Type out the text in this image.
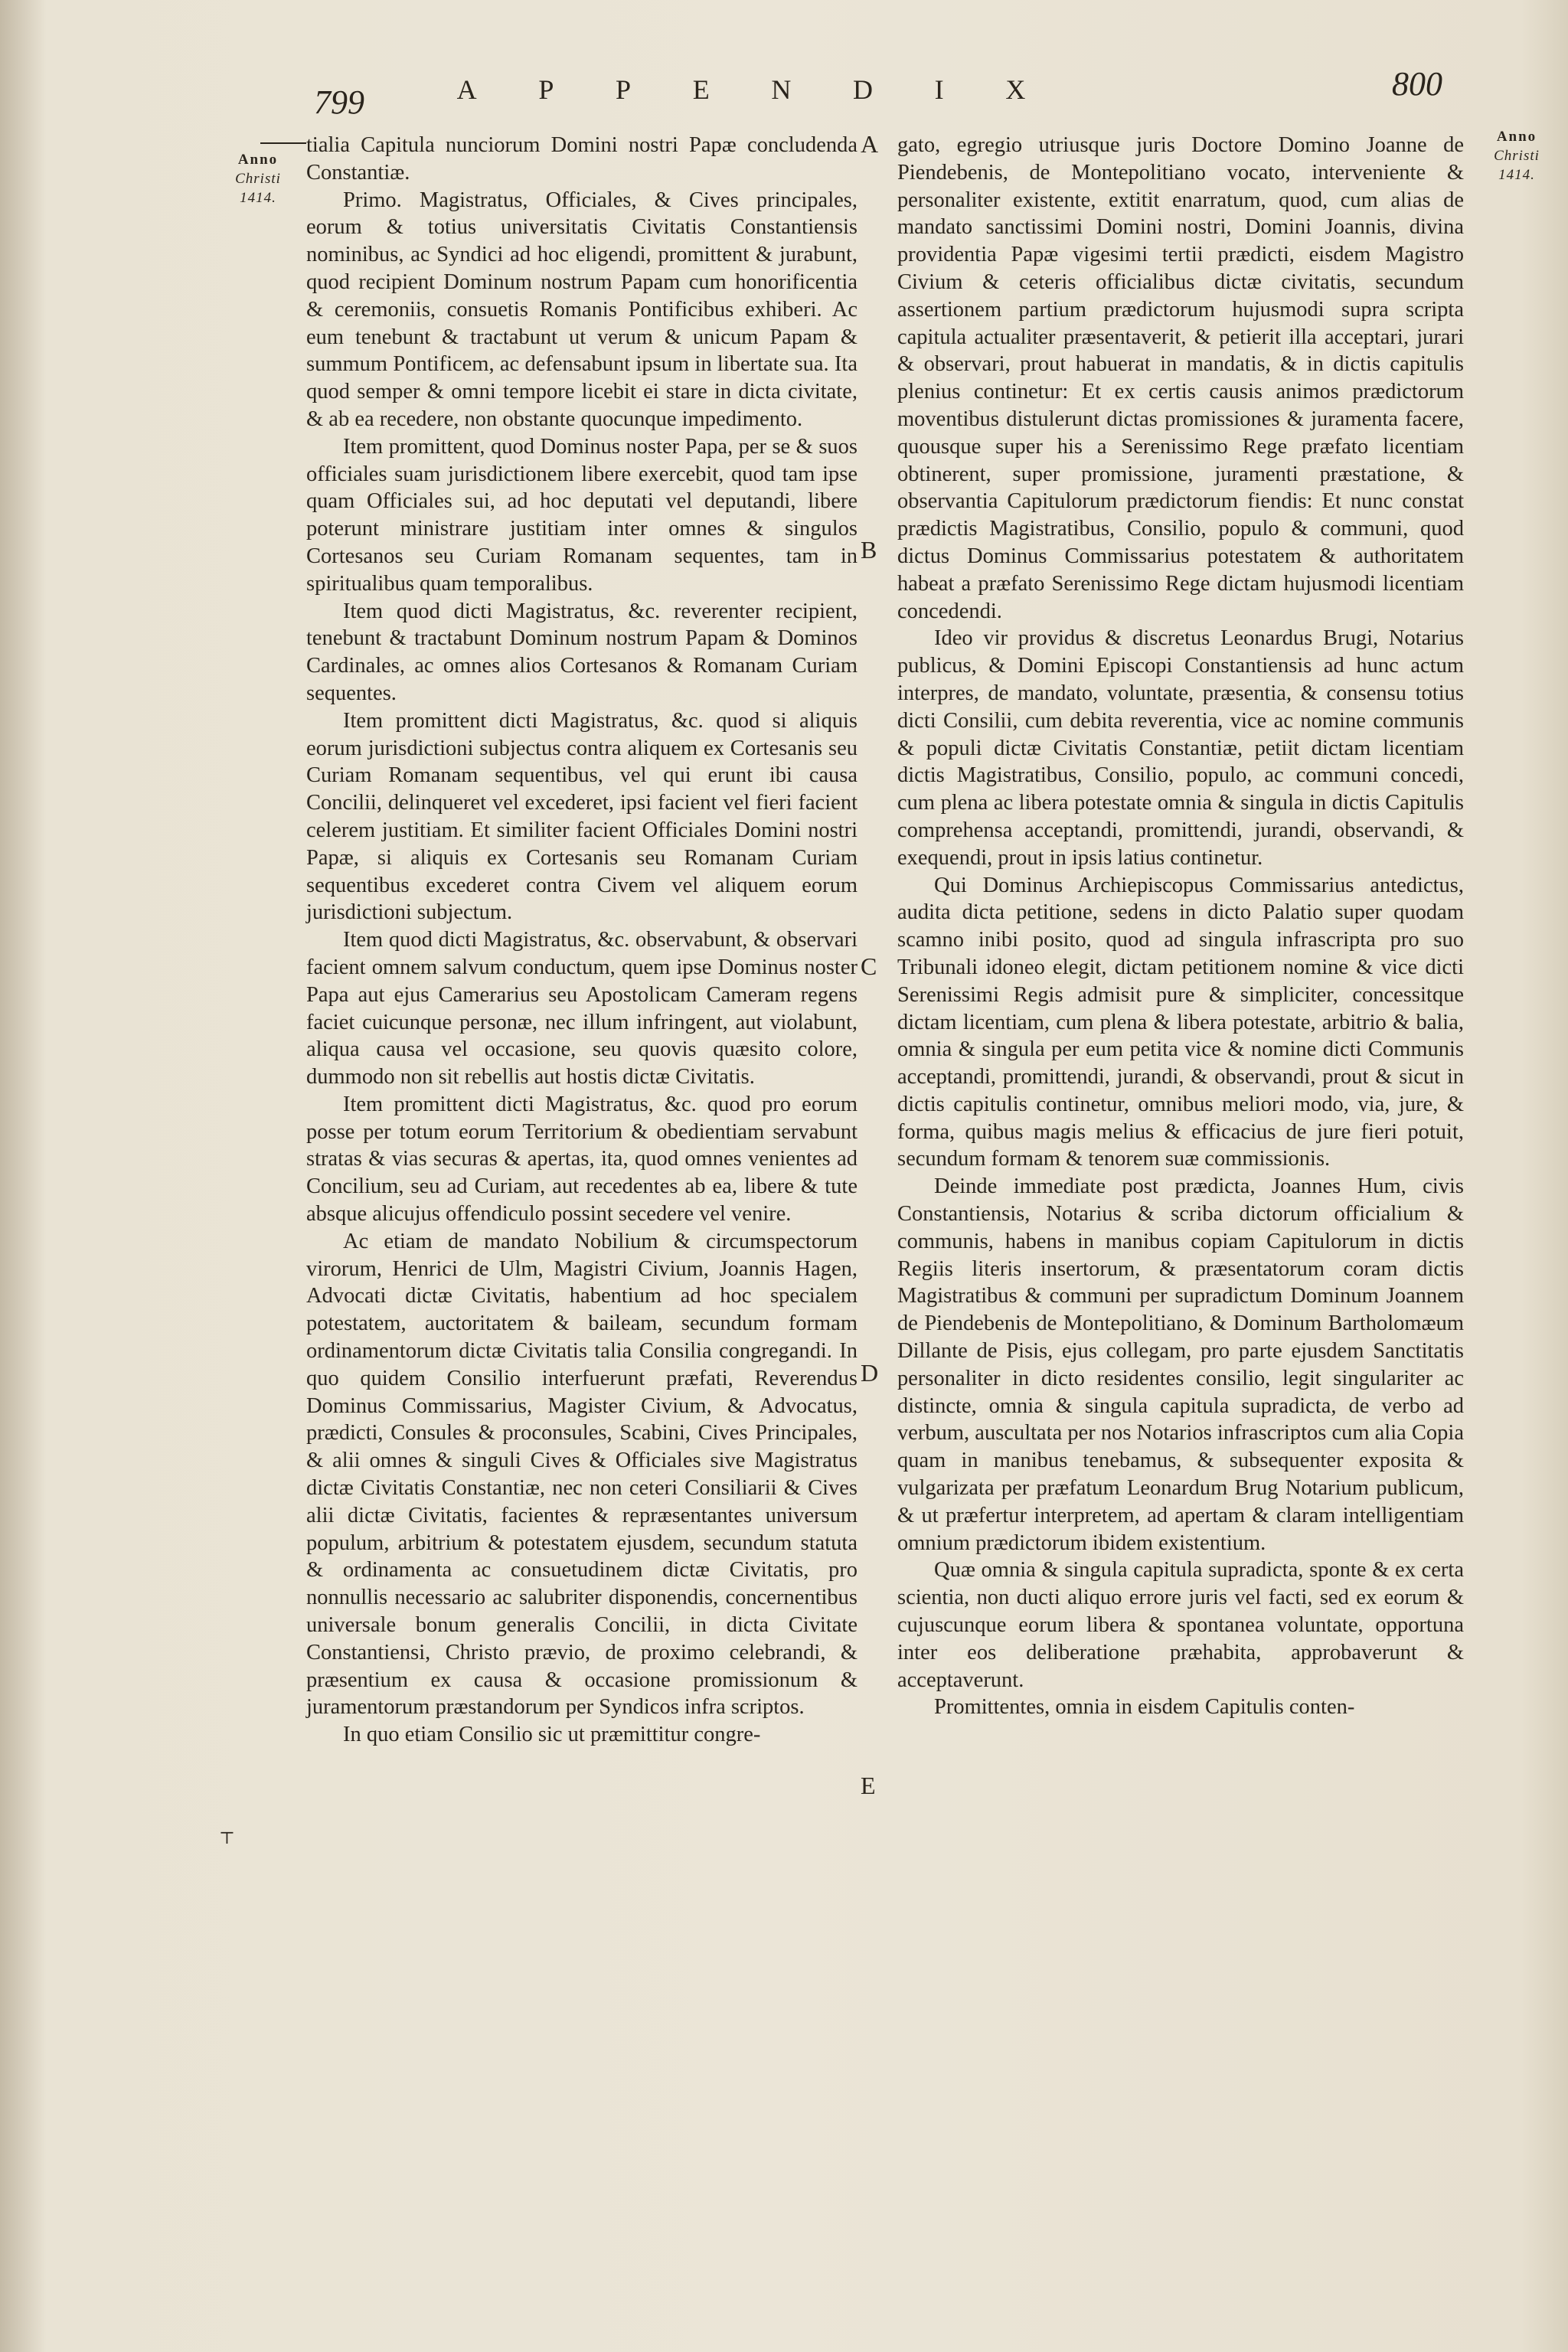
799	800
A P P E N D I X
Anno
Christi
1414.
Anno
Christi
1414.
A
B
C
D
E
⊤

tialia Capitula nunciorum Domini nostri Papæ concludenda Constantiæ.

Primo. Magistratus, Officiales, & Cives principales, eorum & totius universitatis Civitatis Constantiensis nominibus, ac Syndici ad hoc eligendi, promittent & jurabunt, quod recipient Dominum nostrum Papam cum honorificentia & ceremoniis, consuetis Romanis Pontificibus exhiberi. Ac eum tenebunt & tractabunt ut verum & unicum Papam & summum Pontificem, ac defensabunt ipsum in libertate sua. Ita quod semper & omni tempore licebit ei stare in dicta civitate, & ab ea recedere, non obstante quocunque impedimento.

Item promittent, quod Dominus noster Papa, per se & suos officiales suam jurisdictionem libere exercebit, quod tam ipse quam Officiales sui, ad hoc deputati vel deputandi, libere poterunt ministrare justitiam inter omnes & singulos Cortesanos seu Curiam Romanam sequentes, tam in spiritualibus quam temporalibus.

Item quod dicti Magistratus, &c. reverenter recipient, tenebunt & tractabunt Dominum nostrum Papam & Dominos Cardinales, ac omnes alios Cortesanos & Romanam Curiam sequentes.

Item promittent dicti Magistratus, &c. quod si aliquis eorum jurisdictioni subjectus contra aliquem ex Cortesanis seu Curiam Romanam sequentibus, vel qui erunt ibi causa Concilii, delinqueret vel excederet, ipsi facient vel fieri facient celerem justitiam. Et similiter facient Officiales Domini nostri Papæ, si aliquis ex Cortesanis seu Romanam Curiam sequentibus excederet contra Civem vel aliquem eorum jurisdictioni subjectum.

Item quod dicti Magistratus, &c. observabunt, & observari facient omnem salvum conductum, quem ipse Dominus noster Papa aut ejus Camerarius seu Apostolicam Cameram regens faciet cuicunque personæ, nec illum infringent, aut violabunt, aliqua causa vel occasione, seu quovis quæsito colore, dummodo non sit rebellis aut hostis dictæ Civitatis.

Item promittent dicti Magistratus, &c. quod pro eorum posse per totum eorum Territorium & obedientiam servabunt stratas & vias securas & apertas, ita, quod omnes venientes ad Concilium, seu ad Curiam, aut recedentes ab ea, libere & tute absque alicujus offendiculo possint secedere vel venire.

Ac etiam de mandato Nobilium & circumspectorum virorum, Henrici de Ulm, Magistri Civium, Joannis Hagen, Advocati dictæ Civitatis, habentium ad hoc specialem potestatem, auctoritatem & baileam, secundum formam ordinamentorum dictæ Civitatis talia Consilia congregandi. In quo quidem Consilio interfuerunt præfati, Reverendus Dominus Commissarius, Magister Civium, & Advocatus, prædicti, Consules & proconsules, Scabini, Cives Principales, & alii omnes & singuli Cives & Officiales sive Magistratus dictæ Civitatis Constantiæ, nec non ceteri Consiliarii & Cives alii dictæ Civitatis, facientes & repræsentantes universum populum, arbitrium & potestatem ejusdem, secundum statuta & ordinamenta ac consuetudinem dictæ Civitatis, pro nonnullis necessario ac salubriter disponendis, concernentibus universale bonum generalis Concilii, in dicta Civitate Constantiensi, Christo prævio, de proximo celebrandi, & præsentium ex causa & occasione promissionum & juramentorum præstandorum per Syndicos infra scriptos.

In quo etiam Consilio sic ut præmittitur congre-

gato, egregio utriusque juris Doctore Domino Joanne de Piendebenis, de Montepolitiano vocato, interveniente & personaliter existente, extitit enarratum, quod, cum alias de mandato sanctissimi Domini nostri, Domini Joannis, divina providentia Papæ vigesimi tertii prædicti, eisdem Magistro Civium & ceteris officialibus dictæ civitatis, secundum assertionem partium prædictorum hujusmodi supra scripta capitula actualiter præsentaverit, & petierit illa acceptari, jurari & observari, prout habuerat in mandatis, & in dictis capitulis plenius continetur: Et ex certis causis animos prædictorum moventibus distulerunt dictas promissiones & juramenta facere, quousque super his a Serenissimo Rege præfato licentiam obtinerent, super promissione, juramenti præstatione, & observantia Capitulorum prædictorum fiendis: Et nunc constat prædictis Magistratibus, Consilio, populo & communi, quod dictus Dominus Commissarius potestatem & authoritatem habeat a præfato Serenissimo Rege dictam hujusmodi licentiam concedendi.

Ideo vir providus & discretus Leonardus Brugi, Notarius publicus, & Domini Episcopi Constantiensis ad hunc actum interpres, de mandato, voluntate, præsentia, & consensu totius dicti Consilii, cum debita reverentia, vice ac nomine communis & populi dictæ Civitatis Constantiæ, petiit dictam licentiam dictis Magistratibus, Consilio, populo, ac communi concedi, cum plena ac libera potestate omnia & singula in dictis Capitulis comprehensa acceptandi, promittendi, jurandi, observandi, & exequendi, prout in ipsis latius continetur.

Qui Dominus Archiepiscopus Commissarius antedictus, audita dicta petitione, sedens in dicto Palatio super quodam scamno inibi posito, quod ad singula infrascripta pro suo Tribunali idoneo elegit, dictam petitionem nomine & vice dicti Serenissimi Regis admisit pure & simpliciter, concessitque dictam licentiam, cum plena & libera potestate, arbitrio & balia, omnia & singula per eum petita vice & nomine dicti Communis acceptandi, promittendi, jurandi, & observandi, prout & sicut in dictis capitulis continetur, omnibus meliori modo, via, jure, & forma, quibus magis melius & efficacius de jure fieri potuit, secundum formam & tenorem suæ commissionis.

Deinde immediate post prædicta, Joannes Hum, civis Constantiensis, Notarius & scriba dictorum officialium & communis, habens in manibus copiam Capitulorum in dictis Regiis literis insertorum, & præsentatorum coram dictis Magistratibus & communi per supradictum Dominum Joannem de Piendebenis de Montepolitiano, & Dominum Bartholomæum Dillante de Pisis, ejus collegam, pro parte ejusdem Sanctitatis personaliter in dicto residentes consilio, legit singulariter ac distincte, omnia & singula capitula supradicta, de verbo ad verbum, auscultata per nos Notarios infrascriptos cum alia Copia quam in manibus tenebamus, & subsequenter exposita & vulgarizata per præfatum Leonardum Brug Notarium publicum, & ut præfertur interpretem, ad apertam & claram intelligentiam omnium prædictorum ibidem existentium.

Quæ omnia & singula capitula supradicta, sponte & ex certa scientia, non ducti aliquo errore juris vel facti, sed ex eorum & cujuscunque eorum libera & spontanea voluntate, opportuna inter eos deliberatione præhabita, approbaverunt & acceptaverunt.

Promittentes, omnia in eisdem Capitulis conten-
